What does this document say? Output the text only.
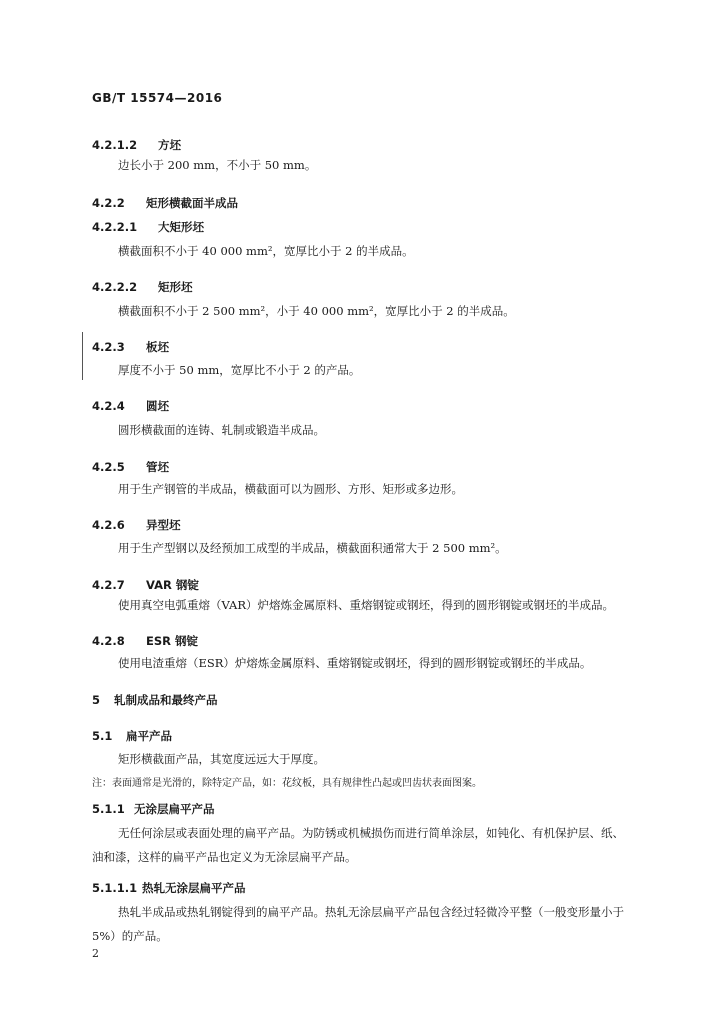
GB/T 15574—2016
4.2.1.2 方坯
边长小于 200 mm，不小于 50 mm。
4.2.2 矩形横截面半成品
4.2.2.1 大矩形坯
横截面积不小于 40 000 mm²，宽厚比小于 2 的半成品。
4.2.2.2 矩形坯
横截面积不小于 2 500 mm²，小于 40 000 mm²，宽厚比小于 2 的半成品。
4.2.3 板坯
厚度不小于 50 mm，宽厚比不小于 2 的产品。
4.2.4 圆坯
圆形横截面的连铸、轧制或锻造半成品。
4.2.5 管坯
用于生产钢管的半成品，横截面可以为圆形、方形、矩形或多边形。
4.2.6 异型坯
用于生产型钢以及经预加工成型的半成品，横截面积通常大于 2 500 mm²。
4.2.7 VAR 钢锭
使用真空电弧重熔（VAR）炉熔炼金属原料、重熔钢锭或钢坯，得到的圆形钢锭或钢坯的半成品。
4.2.8 ESR 钢锭
使用电渣重熔（ESR）炉熔炼金属原料、重熔钢锭或钢坯，得到的圆形钢锭或钢坯的半成品。
5 轧制成品和最终产品
5.1 扁平产品
矩形横截面产品，其宽度远远大于厚度。
注：表面通常是光滑的，除特定产品，如：花纹板，具有规律性凸起或凹齿状表面图案。
5.1.1 无涂层扁平产品
无任何涂层或表面处理的扁平产品。为防锈或机械损伤而进行简单涂层，如钝化、有机保护层、纸、油和漆，这样的扁平产品也定义为无涂层扁平产品。
5.1.1.1 热轧无涂层扁平产品
热轧半成品或热轧钢锭得到的扁平产品。热轧无涂层扁平产品包含经过轻微冷平整（一般变形量小于 5%）的产品。
2
